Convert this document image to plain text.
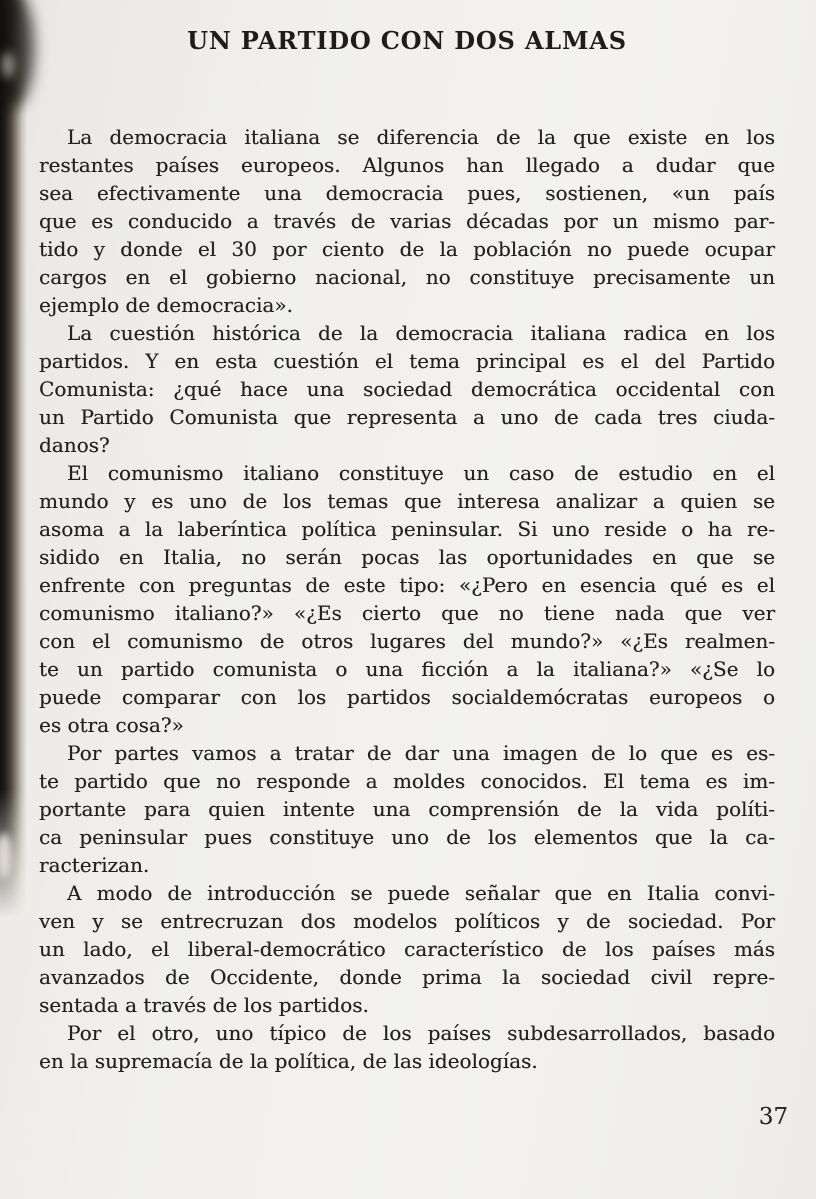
UN PARTIDO CON DOS ALMAS
La democracia italiana se diferencia de la que existe en los
restantes países europeos. Algunos han llegado a dudar que
sea efectivamente una democracia pues, sostienen, «un país
que es conducido a través de varias décadas por un mismo par-
tido y donde el 30 por ciento de la población no puede ocupar
cargos en el gobierno nacional, no constituye precisamente un
ejemplo de democracia».
La cuestión histórica de la democracia italiana radica en los
partidos. Y en esta cuestión el tema principal es el del Partido
Comunista: ¿qué hace una sociedad democrática occidental con
un Partido Comunista que representa a uno de cada tres ciuda-
danos?
El comunismo italiano constituye un caso de estudio en el
mundo y es uno de los temas que interesa analizar a quien se
asoma a la laberíntica política peninsular. Si uno reside o ha re-
sidido en Italia, no serán pocas las oportunidades en que se
enfrente con preguntas de este tipo: «¿Pero en esencia qué es el
comunismo italiano?» «¿Es cierto que no tiene nada que ver
con el comunismo de otros lugares del mundo?» «¿Es realmen-
te un partido comunista o una ficción a la italiana?» «¿Se lo
puede comparar con los partidos socialdemócratas europeos o
es otra cosa?»
Por partes vamos a tratar de dar una imagen de lo que es es-
te partido que no responde a moldes conocidos. El tema es im-
portante para quien intente una comprensión de la vida políti-
ca peninsular pues constituye uno de los elementos que la ca-
racterizan.
A modo de introducción se puede señalar que en Italia convi-
ven y se entrecruzan dos modelos políticos y de sociedad. Por
un lado, el liberal-democrático característico de los países más
avanzados de Occidente, donde prima la sociedad civil repre-
sentada a través de los partidos.
Por el otro, uno típico de los países subdesarrollados, basado
en la supremacía de la política, de las ideologías.
37
